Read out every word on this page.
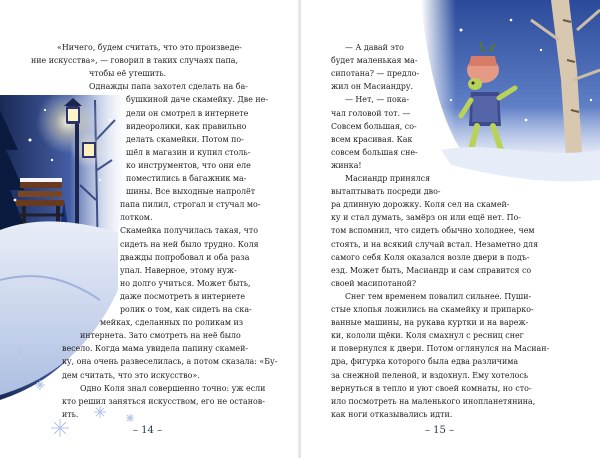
«Ничего, будем считать, что это произведе-
ние искусства», — говорил в таких случаях папа,
чтобы её утешить.
Однажды папа захотел сделать на ба-
бушкиной даче скамейку. Две не-
дели он смотрел в интернете
видеоролики, как правильно
делать скамейки. Потом по-
шёл в магазин и купил столь-
ко инструментов, что они еле
поместились в багажник ма-
шины. Все выходные напролёт
папа пилил, строгал и стучал мо-
лотком.
Скамейка получилась такая, что
сидеть на ней было трудно. Коля
дважды попробовал и оба раза
упал. Наверное, этому нуж-
но долго учиться. Может быть,
даже посмотреть в интернете
ролик о том, как сидеть на ска-
мейках, сделанных по роликам из
интернета. Зато смотреть на неё было
весело. Когда мама увидела папину скамей-
ку, она очень развеселилась, а потом сказала: «Бу-
дем считать, что это искусство».
Одно Коля знал совершенно точно: уж если
кто решил заняться искусством, его не останов-
ить.
– 14 –
— А давай это
будет маленькая ма-
сипотана? — предло-
жил он Масиандру.
— Нет, — пока-
чал головой тот. —
Совсем большая, со-
всем красивая. Как
совсем большая сне-
жинка!
Масиандр принялся
вытаптывать посреди дво-
ра длинную дорожку. Коля сел на скамей-
ку и стал думать, замёрз он или ещё нет. По-
том вспомнил, что сидеть обычно холоднее, чем
стоять, и на всякий случай встал. Незаметно для
самого себя Коля оказался возле двери в подъ-
езд. Может быть, Масиандр и сам справится со
своей масипотаной?
Снег тем временем повалил сильнее. Пуши-
стые хлопья ложились на скамейку и припарко-
ванные машины, на рукава куртки и на вареж-
ки, кололи щёки. Коля смахнул с ресниц снег
и повернулся к двери. Потом оглянулся на Масиан-
дра, фигурка которого была едва различима
за снежной пеленой, и вздохнул. Ему хотелось
вернуться в тепло и уют своей комнаты, но сто-
ило посмотреть на маленького инопланетянина,
как ноги отказывались идти.
– 15 –
